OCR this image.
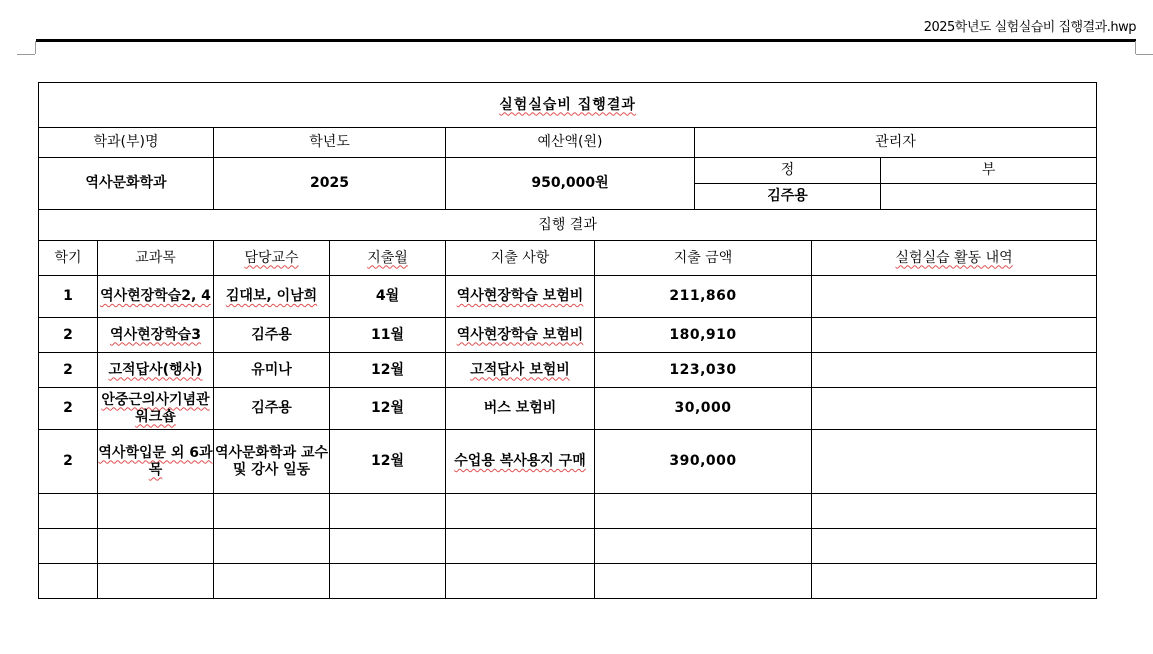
2025학년도 실험실습비 집행결과.hwp
실험실습비 집행결과								
학과(부)명		학년도		예산액(원)		관리자		
역사문화학과		2025		950,000원		정		부
						김주용		
집행 결과								
학기	교과목	담당교수	지출월	지출 사항	지출 금액		실험실습 활동 내역	
1	역사현장학습2, 4	김대보, 이남희	4월	역사현장학습 보험비	211,860			
2	역사현장학습3	김주용	11월	역사현장학습 보험비	180,910			
2	고적답사(행사)	유미나	12월	고적답사 보험비	123,030			
2	안중근의사기념관 워크숍	김주용	12월	버스 보험비	30,000			
2	역사학입문 외 6과목	역사문화학과 교수 및 강사 일동	12월	수업용 복사용지 구매	390,000			
